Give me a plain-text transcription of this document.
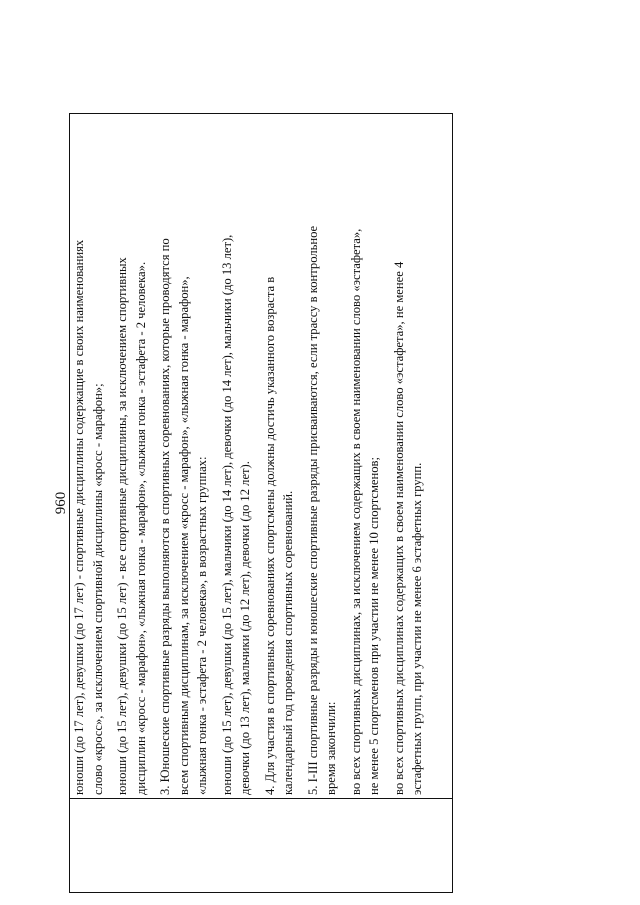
960 юноши (до 17 лет), девушки (до 17 лет) - спортивные дисциплины содержащие в своих наименованиях слово «кросс», за исключением спортивной дисциплины «кросс - марафон»; юноши (до 15 лет), девушки (до 15 лет) - все спортивные дисциплины, за исключением спортивных дисциплин «кросс - марафон», «лыжная гонка - марафон», «лыжная гонка - эстафета - 2 человека». 3. Юношеские спортивные разряды выполняются в спортивных соревнованиях, которые проводятся по всем спортивным дисциплинам, за исключением «кросс - марафон», «лыжная гонка - марафон», «лыжная гонка - эстафета - 2 человека», в возрастных группах: юноши (до 15 лет), девушки (до 15 лет), мальчики (до 14 лет), девочки (до 14 лет), мальчики (до 13 лет), девочки (до 13 лет), мальчики (до 12 лет), девочки (до 12 лет). 4. Для участия в спортивных соревнованиях спортсмены должны достичь указанного возраста в календарный год проведения спортивных соревнований. 5. I-III спортивные разряды и юношеские спортивные разряды присваиваются, если трассу в контрольное время закончили: во всех спортивных дисциплинах, за исключением содержащих в своем наименовании слово «эстафета», не менее 5 спортсменов при участии не менее 10 спортсменов; во всех спортивных дисциплинах содержащих в своем наименовании слово «эстафета», не менее 4 эстафетных групп, при участии не менее 6 эстафетных групп.
